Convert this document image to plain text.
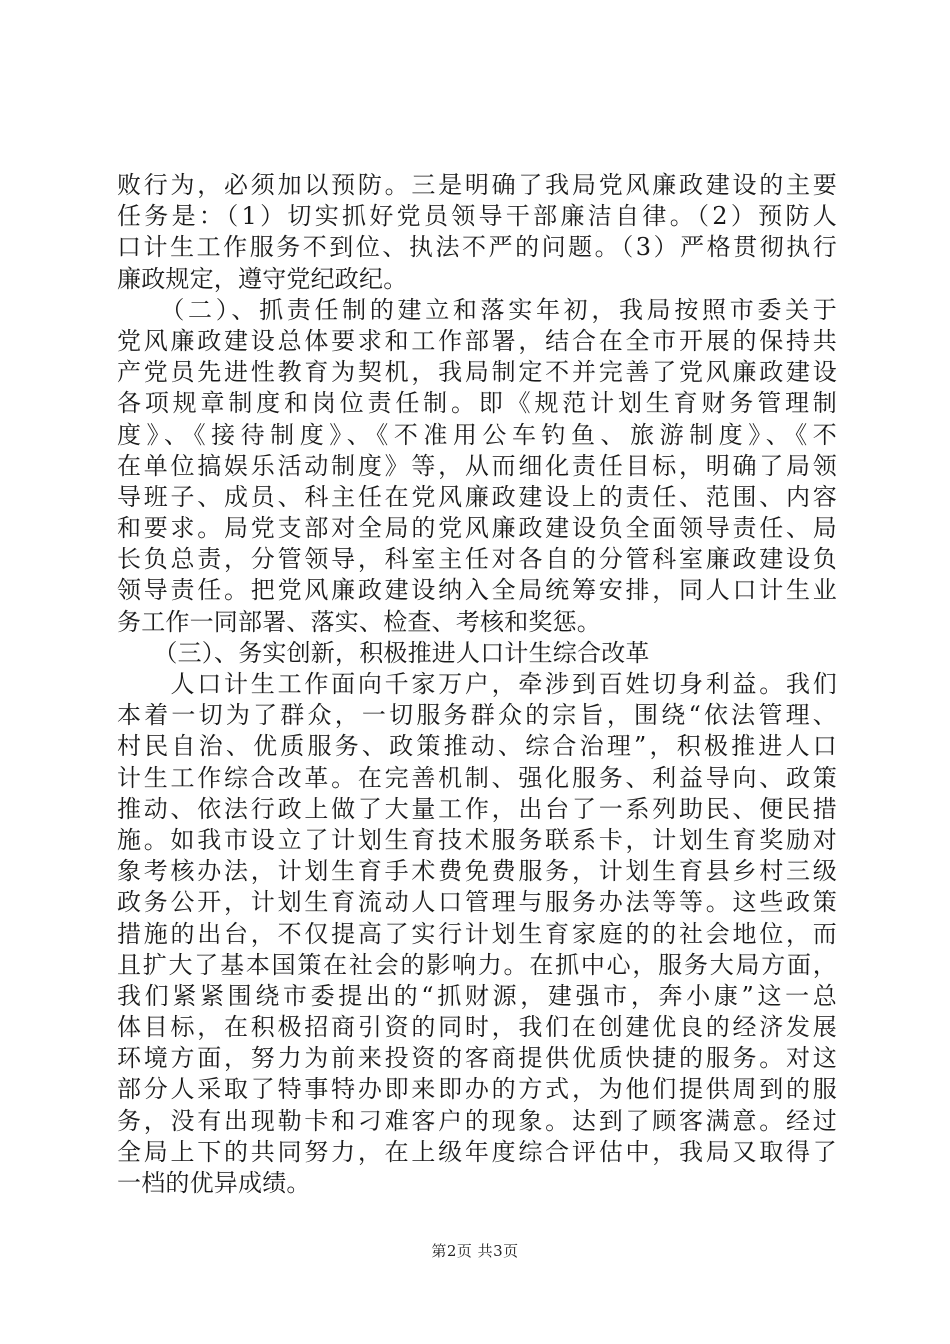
败行为，必须加以预防。三是明确了我局党风廉政建设的主要
任务是：（1）切实抓好党员领导干部廉洁自律。（2）预防人
口计生工作服务不到位、执法不严的问题。（3）严格贯彻执行
廉政规定，遵守党纪政纪。
　　（二）、抓责任制的建立和落实年初，我局按照市委关于
党风廉政建设总体要求和工作部署，结合在全市开展的保持共
产党员先进性教育为契机，我局制定不并完善了党风廉政建设
各项规章制度和岗位责任制。即《规范计划生育财务管理制
度》、《接待制度》、《不准用公车钓鱼、旅游制度》、《不
在单位搞娱乐活动制度》等，从而细化责任目标，明确了局领
导班子、成员、科主任在党风廉政建设上的责任、范围、内容
和要求。局党支部对全局的党风廉政建设负全面领导责任、局
长负总责，分管领导，科室主任对各自的分管科室廉政建设负
领导责任。把党风廉政建设纳入全局统筹安排，同人口计生业
务工作一同部署、落实、检查、考核和奖惩。
　　（三）、务实创新，积极推进人口计生综合改革
　　人口计生工作面向千家万户，牵涉到百姓切身利益。我们
本着一切为了群众，一切服务群众的宗旨，围绕“依法管理、
村民自治、优质服务、政策推动、综合治理”，积极推进人口
计生工作综合改革。在完善机制、强化服务、利益导向、政策
推动、依法行政上做了大量工作，出台了一系列助民、便民措
施。如我市设立了计划生育技术服务联系卡，计划生育奖励对
象考核办法，计划生育手术费免费服务，计划生育县乡村三级
政务公开，计划生育流动人口管理与服务办法等等。这些政策
措施的出台，不仅提高了实行计划生育家庭的的社会地位，而
且扩大了基本国策在社会的影响力。在抓中心，服务大局方面，
我们紧紧围绕市委提出的“抓财源，建强市，奔小康”这一总
体目标，在积极招商引资的同时，我们在创建优良的经济发展
环境方面，努力为前来投资的客商提供优质快捷的服务。对这
部分人采取了特事特办即来即办的方式，为他们提供周到的服
务，没有出现勒卡和刁难客户的现象。达到了顾客满意。经过
全局上下的共同努力，在上级年度综合评估中，我局又取得了
一档的优异成绩。
第2页 共3页
